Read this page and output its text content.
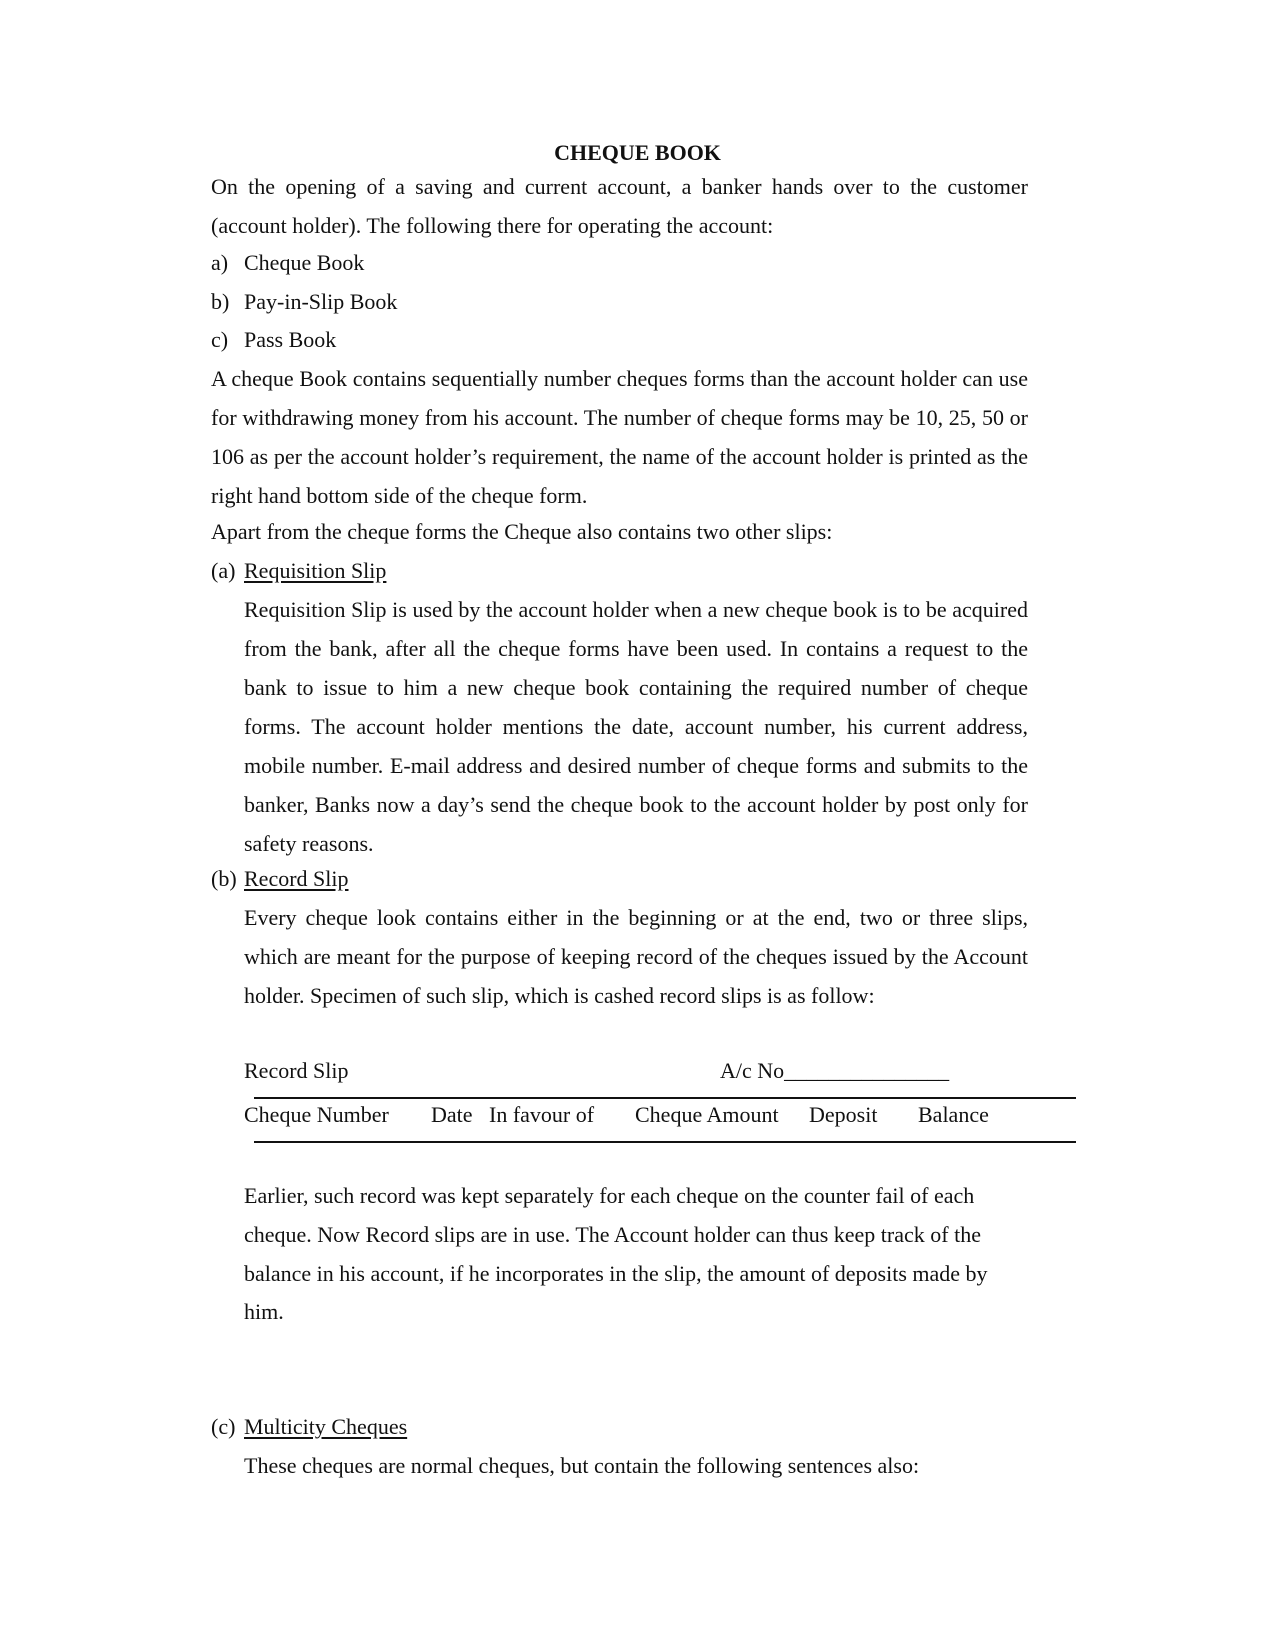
CHEQUE BOOK
On the opening of a saving and current account, a banker hands over to the customer (account holder). The following there for operating the account:
a) Cheque Book
b) Pay-in-Slip Book
c) Pass Book
A cheque Book contains sequentially number cheques forms than the account holder can use for withdrawing money from his account. The number of cheque forms may be 10, 25, 50 or 106 as per the account holder’s requirement, the name of the account holder is printed as the right hand bottom side of the cheque form.
Apart from the cheque forms the Cheque also contains two other slips:
(a) Requisition Slip
Requisition Slip is used by the account holder when a new cheque book is to be acquired from the bank, after all the cheque forms have been used. In contains a request to the bank to issue to him a new cheque book containing the required number of cheque forms. The account holder mentions the date, account number, his current address, mobile number. E-mail address and desired number of cheque forms and submits to the banker, Banks now a day’s send the cheque book to the account holder by post only for safety reasons.
(b) Record Slip
Every cheque look contains either in the beginning or at the end, two or three slips, which are meant for the purpose of keeping record of the cheques issued by the Account holder. Specimen of such slip, which is cashed record slips is as follow:
Record Slip	A/c No_______________
Cheque Number Date In favour of Cheque Amount Deposit Balance
Earlier, such record was kept separately for each cheque on the counter fail of each
cheque. Now Record slips are in use. The Account holder can thus keep track of the
balance in his account, if he incorporates in the slip, the amount of deposits made by
him.
(c) Multicity Cheques
These cheques are normal cheques, but contain the following sentences also:
